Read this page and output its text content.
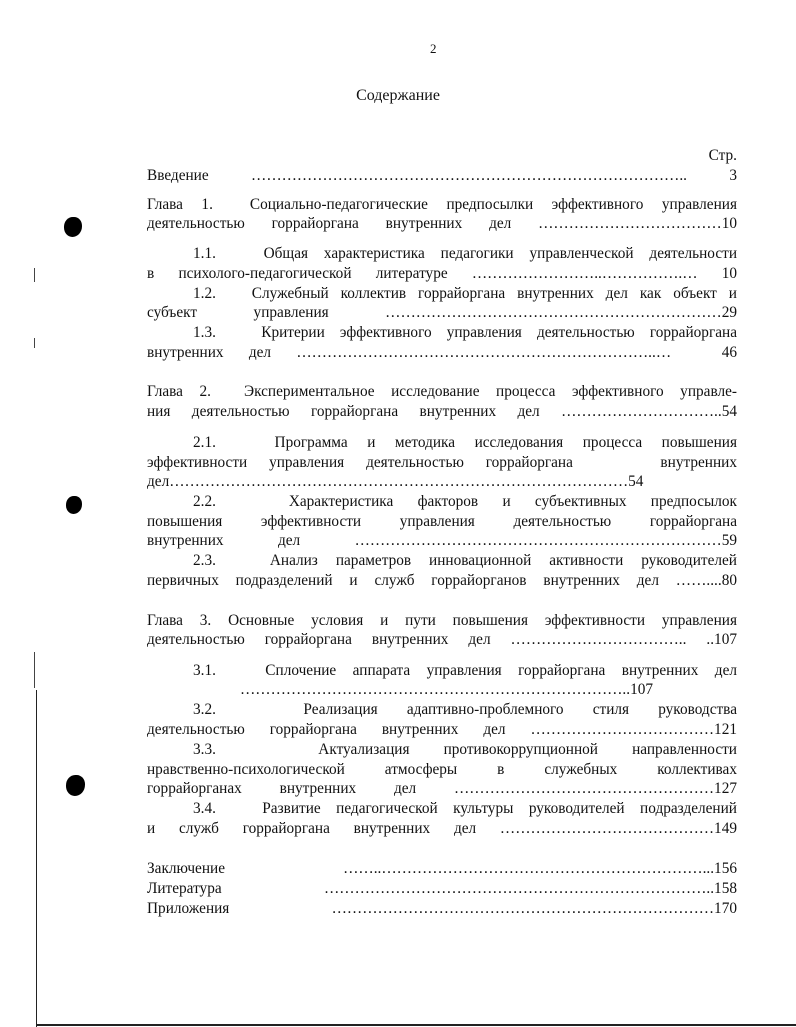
2
Содержание
Стр.
Введение ………………………………………………………………………….. 3
Глава 1.  Социально-педагогические предпосылки эффективного управления
деятельностью горрайоргана внутренних дел ………………………………10
1.1.   Общая характеристика педагогики управленческой деятельности
в психолого-педагогической литературе ……………………..…………….… 10
1.2.   Служебный коллектив горрайоргана внутренних дел как объект и
субъект управления …………………………………………………………29
1.3.   Критерии эффективного управления деятельностью горрайоргана
внутренних дел ……………………………………………………………..…  46
Глава 2.  Экспериментальное исследование процесса эффективного управле-
ния деятельностью горрайоргана внутренних дел …………………………..54
2.1.   Программа и методика исследования процесса повышения
эффективности управления деятельностью горрайоргана    внутренних
дел………………………………………………………………………………54
2.2.   Характеристика факторов и субъективных предпосылок
повышения эффективности управления деятельностью горрайоргана
внутренних дел ………………………………………………………………59
2.3.   Анализ параметров инновационной активности руководителей
первичных подразделений и служб горрайорганов внутренних дел ……....80
Глава 3. Основные условия и пути повышения эффективности управления
деятельностью горрайоргана внутренних дел …………………………….. ..107
3.1.   Сплочение аппарата управления горрайоргана внутренних дел
…………………………………………………………………..107
3.2.   Реализация адаптивно-проблемного стиля руководства
деятельностью горрайоргана внутренних дел ………………………………121
3.3.   Актуализация противокоррупционной направленности
нравственно-психологической атмосферы в служебных коллективах
горрайорганах внутренних дел ……………………………………………127
3.4.   Развитие педагогической культуры руководителей подразделений
и служб горрайоргана внутренних дел ……………………………………149
Заключение ……..………………………………………………………...156
Литература …………………………………………………………………..158
Приложения …………………………………………………………………170
